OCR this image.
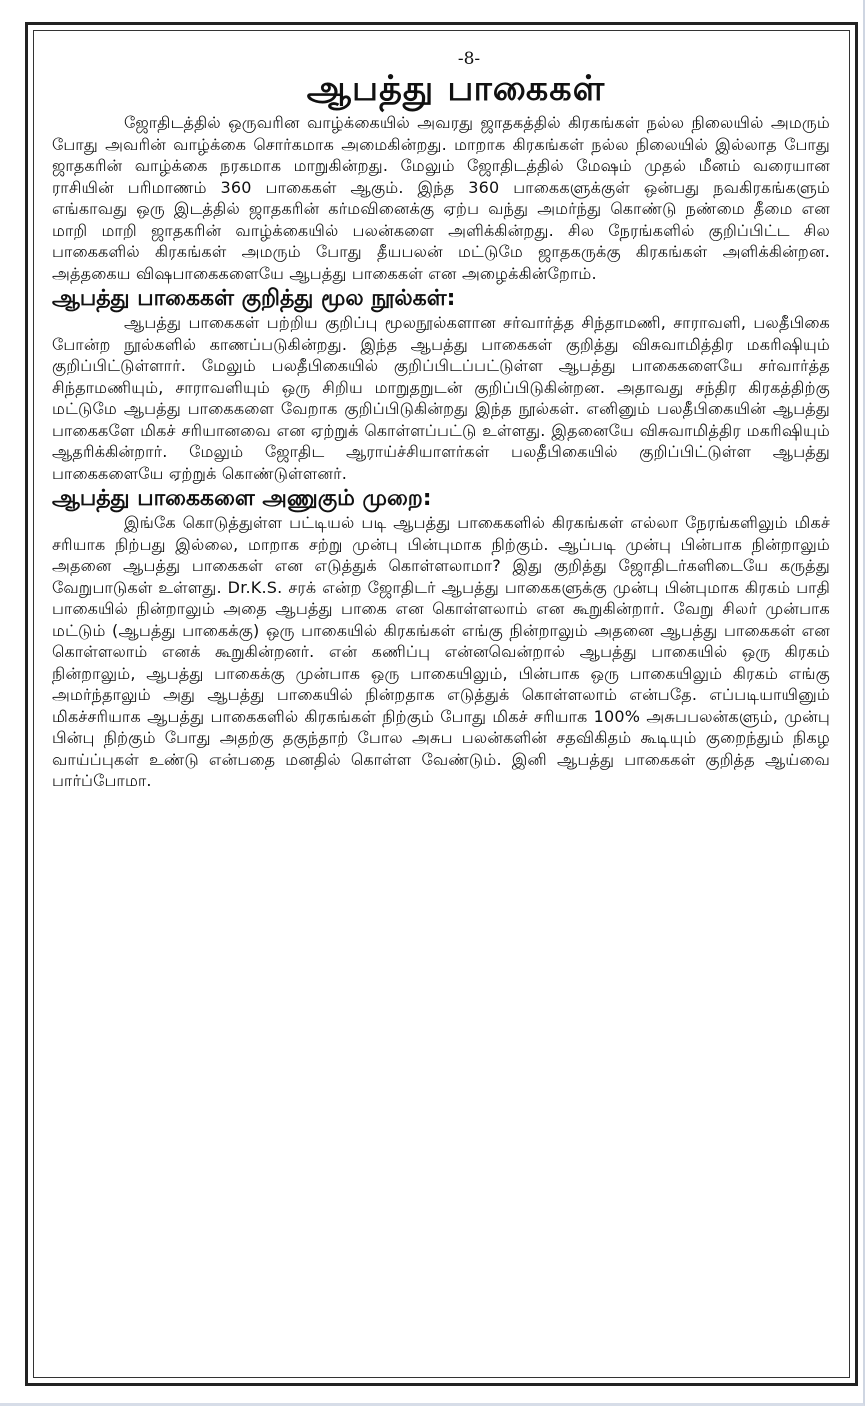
-8-
ஆபத்து பாகைகள்

ஜோதிடத்தில் ஒருவரின வாழ்க்கையில் அவரது ஜாதகத்தில் கிரகங்கள் நல்ல நிலையில் அமரும் போது அவரின் வாழ்க்கை சொர்கமாக அமைகின்றது. மாறாக கிரகங்கள் நல்ல நிலையில் இல்லாத போது ஜாதகரின் வாழ்க்கை நரகமாக மாறுகின்றது. மேலும் ஜோதிடத்தில் மேஷம் முதல் மீனம் வரையான ராசியின் பரிமாணம் 360 பாகைகள் ஆகும். இந்த 360 பாகைகளுக்குள் ஒன்பது நவகிரகங்களும் எங்காவது ஒரு இடத்தில் ஜாதகரின் கர்மவினைக்கு ஏற்ப வந்து அமர்ந்து கொண்டு நண்மை தீமை என மாறி மாறி ஜாதகரின் வாழ்க்கையில் பலன்களை அளிக்கின்றது. சில நேரங்களில் குறிப்பிட்ட சில பாகைகளில் கிரகங்கள் அமரும் போது தீயபலன் மட்டுமே ஜாதகருக்கு கிரகங்கள் அளிக்கின்றன. அத்தகைய விஷபாகைகளையே ஆபத்து பாகைகள் என அழைக்கின்றோம்.

ஆபத்து பாகைகள் குறித்து மூல நூல்கள்:

ஆபத்து பாகைகள் பற்றிய குறிப்பு மூலநூல்களான சர்வார்த்த சிந்தாமணி, சாராவளி, பலதீபிகை போன்ற நூல்களில் காணப்படுகின்றது. இந்த ஆபத்து பாகைகள் குறித்து விசுவாமித்திர மகரிஷியும் குறிப்பிட்டுள்ளார். மேலும் பலதீபிகையில் குறிப்பிடப்பட்டுள்ள ஆபத்து பாகைகளையே சர்வார்த்த சிந்தாமணியும், சாராவளியும் ஒரு சிறிய மாறுதறுடன் குறிப்பிடுகின்றன. அதாவது சந்திர கிரகத்திற்கு மட்டுமே ஆபத்து பாகைகளை வேறாக குறிப்பிடுகின்றது இந்த நூல்கள். எனினும் பலதீபிகையின் ஆபத்து பாகைகளே மிகச் சரியானவை என ஏற்றுக் கொள்ளப்பட்டு உள்ளது. இதனையே விசுவாமித்திர மகரிஷியும் ஆதரிக்கின்றார். மேலும் ஜோதிட ஆராய்ச்சியாளர்கள் பலதீபிகையில் குறிப்பிட்டுள்ள ஆபத்து பாகைகளையே ஏற்றுக் கொண்டுள்ளனர்.

ஆபத்து பாகைகளை அணுகும் முறை:

இங்கே கொடுத்துள்ள பட்டியல் படி ஆபத்து பாகைகளில் கிரகங்கள் எல்லா நேரங்களிலும் மிகச் சரியாக நிற்பது இல்லை, மாறாக சற்று முன்பு பின்புமாக நிற்கும். ஆப்படி முன்பு பின்பாக நின்றாலும் அதனை ஆபத்து பாகைகள் என எடுத்துக் கொள்ளலாமா? இது குறித்து ஜோதிடர்களிடையே கருத்து வேறுபாடுகள் உள்ளது. Dr.K.S. சரக் என்ற ஜோதிடர் ஆபத்து பாகைகளுக்கு முன்பு பின்புமாக கிரகம் பாதி பாகையில் நின்றாலும் அதை ஆபத்து பாகை என கொள்ளலாம் என கூறுகின்றார். வேறு சிலர் முன்பாக மட்டும் (ஆபத்து பாகைக்கு) ஒரு பாகையில் கிரகங்கள் எங்கு நின்றாலும் அதனை ஆபத்து பாகைகள் என கொள்ளலாம் எனக் கூறுகின்றனர். என் கணிப்பு என்னவென்றால் ஆபத்து பாகையில் ஒரு கிரகம் நின்றாலும், ஆபத்து பாகைக்கு முன்பாக ஒரு பாகையிலும், பின்பாக ஒரு பாகையிலும் கிரகம் எங்கு அமர்ந்தாலும் அது ஆபத்து பாகையில் நின்றதாக எடுத்துக் கொள்ளலாம் என்பதே. எப்படியாயினும் மிகச்சரியாக ஆபத்து பாகைகளில் கிரகங்கள் நிற்கும் போது மிகச் சரியாக 100% அசுபபலன்களும், முன்பு பின்பு நிற்கும் போது அதற்கு தகுந்தாற் போல அசுப பலன்களின் சதவிகிதம் கூடியும் குறைந்தும் நிகழ வாய்ப்புகள் உண்டு என்பதை மனதில் கொள்ள வேண்டும். இனி ஆபத்து பாகைகள் குறித்த ஆய்வை பார்ப்போமா.
